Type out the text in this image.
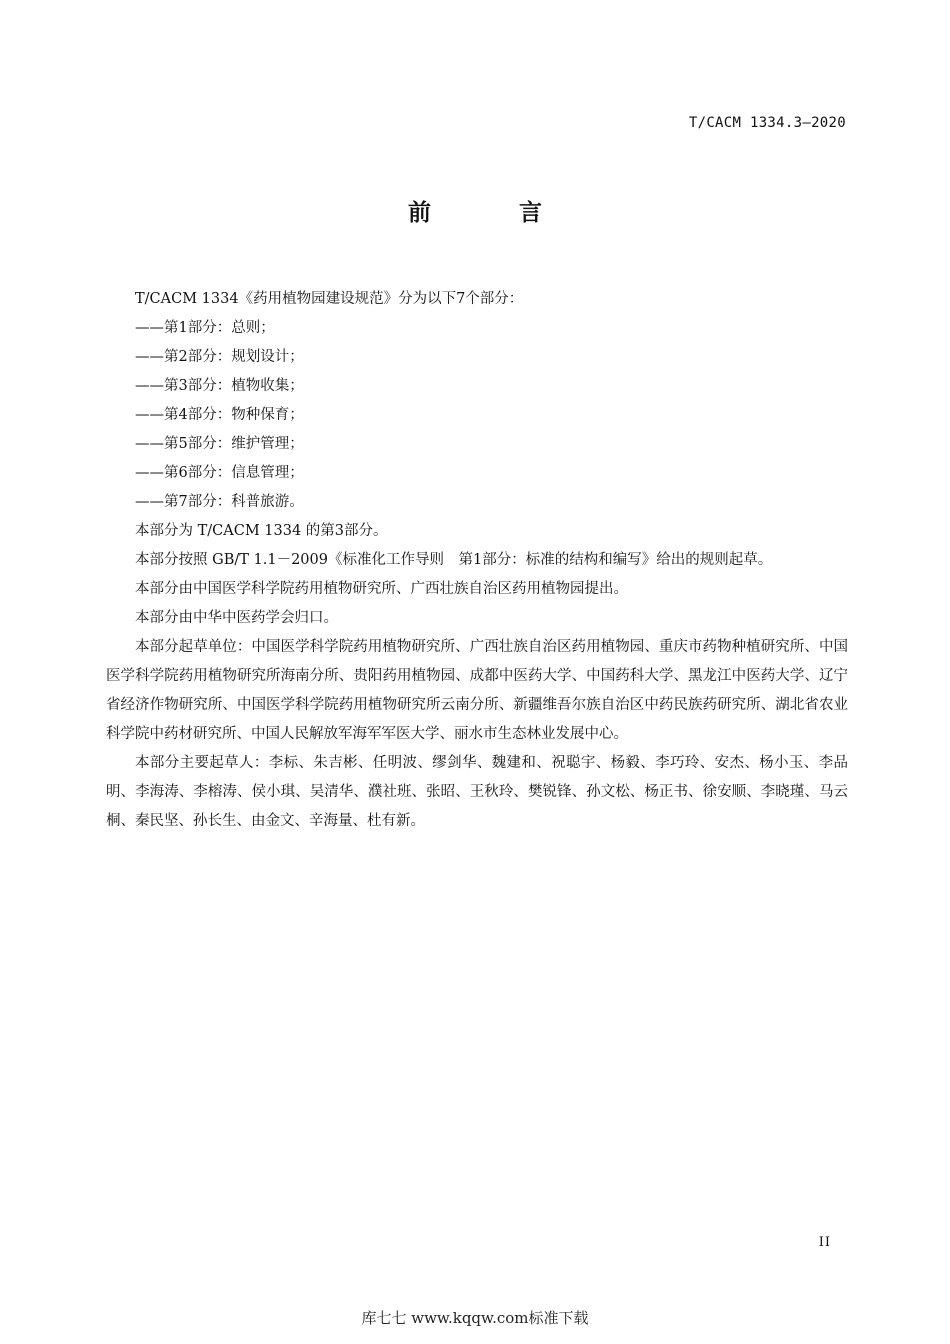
T/CACM 1334.3—2020
前 言
T/CACM 1334《药用植物园建设规范》分为以下7个部分：
——第1部分：总则；
——第2部分：规划设计；
——第3部分：植物收集；
——第4部分：物种保育；
——第5部分：维护管理；
——第6部分：信息管理；
——第7部分：科普旅游。
本部分为 T/CACM 1334 的第3部分。
本部分按照 GB/T 1.1－2009《标准化工作导则　第1部分：标准的结构和编写》给出的规则起草。
本部分由中国医学科学院药用植物研究所、广西壮族自治区药用植物园提出。
本部分由中华中医药学会归口。
本部分起草单位：中国医学科学院药用植物研究所、广西壮族自治区药用植物园、重庆市药物种植研究所、中国医学科学院药用植物研究所海南分所、贵阳药用植物园、成都中医药大学、中国药科大学、黑龙江中医药大学、辽宁省经济作物研究所、中国医学科学院药用植物研究所云南分所、新疆维吾尔族自治区中药民族药研究所、湖北省农业科学院中药材研究所、中国人民解放军海军军医大学、丽水市生态林业发展中心。
本部分主要起草人：李标、朱吉彬、任明波、缪剑华、魏建和、祝聪宇、杨毅、李巧玲、安杰、杨小玉、李品明、李海涛、李榕涛、侯小琪、吴清华、濮社班、张昭、王秋玲、樊锐锋、孙文松、杨正书、徐安顺、李晓瑾、马云桐、秦民坚、孙长生、由金文、辛海量、杜有新。
II
库七七 www.kqqw.com标准下载
